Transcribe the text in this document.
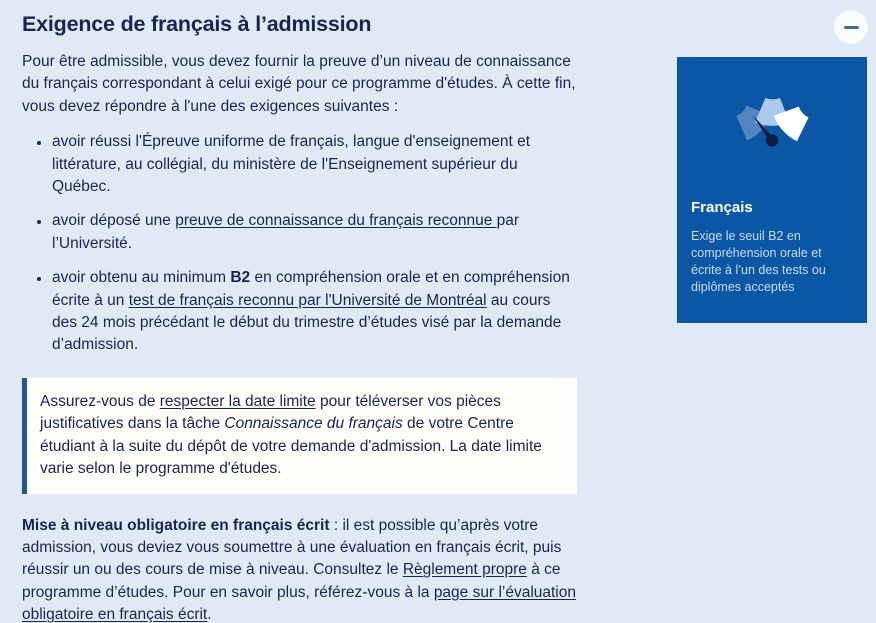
Exigence de français à l’admission

Pour être admissible, vous devez fournir la preuve d’un niveau de connaissance du français correspondant à celui exigé pour ce programme d'études. À cette fin, vous devez répondre à l'une des exigences suivantes :

• avoir réussi l'Épreuve uniforme de français, langue d'enseignement et littérature, au collégial, du ministère de l'Enseignement supérieur du Québec.
• avoir déposé une preuve de connaissance du français reconnue par l’Université.
• avoir obtenu au minimum B2 en compréhension orale et en compréhension écrite à un test de français reconnu par l'Université de Montréal au cours des 24 mois précédant le début du trimestre d’études visé par la demande d’admission.

Assurez-vous de respecter la date limite pour téléverser vos pièces justificatives dans la tâche Connaissance du français de votre Centre étudiant à la suite du dépôt de votre demande d'admission. La date limite varie selon le programme d'études.

Mise à niveau obligatoire en français écrit : il est possible qu’après votre admission, vous deviez vous soumettre à une évaluation en français écrit, puis réussir un ou des cours de mise à niveau. Consultez le Règlement propre à ce programme d’études. Pour en savoir plus, référez-vous à la page sur l’évaluation obligatoire en français écrit.

Français

Exige le seuil B2 en compréhension orale et écrite à l’un des tests ou diplômes acceptés
